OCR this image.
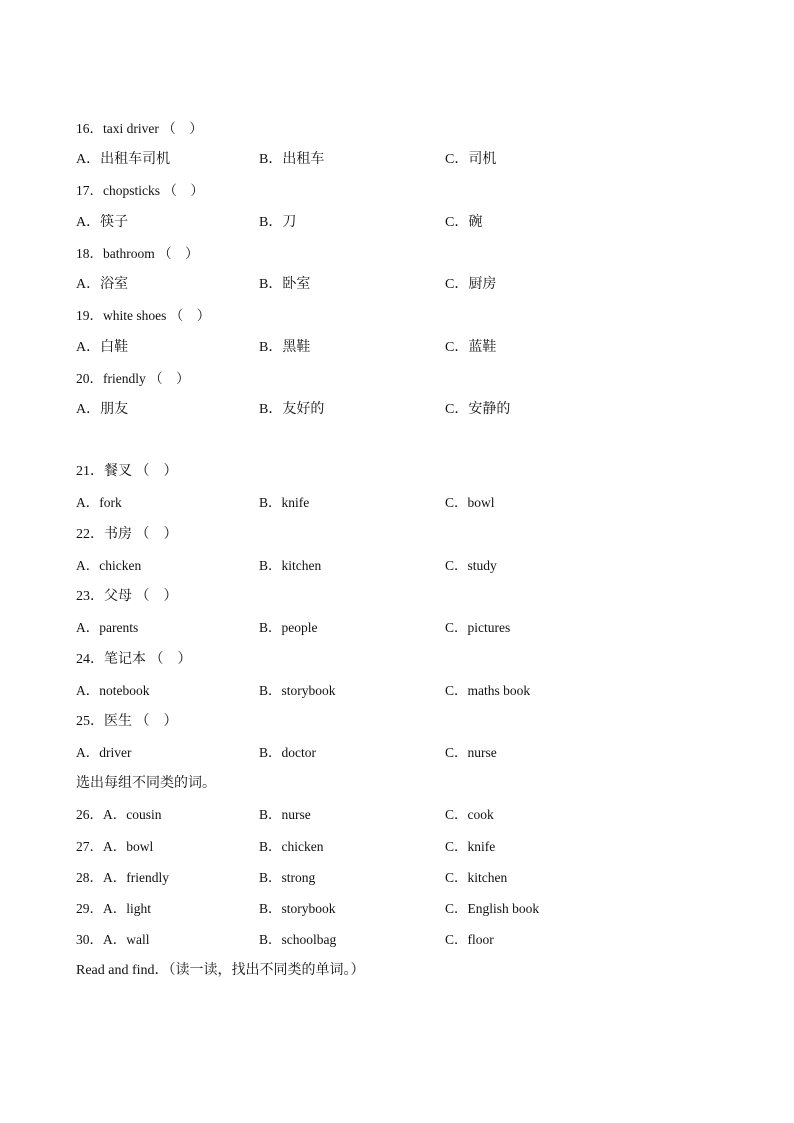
16．taxi driver （　）
A．出租车司机	B．出租车	C．司机
17．chopsticks （　）
A．筷子	B．刀	C．碗
18．bathroom （　）
A．浴室	B．卧室	C．厨房
19．white shoes （　）
A．白鞋	B．黑鞋	C．蓝鞋
20．friendly （　）
A．朋友	B．友好的	C．安静的
21．餐叉 （　）
A．fork	B．knife	C．bowl
22．书房 （　）
A．chicken	B．kitchen	C．study
23．父母 （　）
A．parents	B．people	C．pictures
24．笔记本 （　）
A．notebook	B．storybook	C．maths book
25．医生 （　）
A．driver	B．doctor	C．nurse
选出每组不同类的词。
26．A．cousin	B．nurse	C．cook
27．A．bowl	B．chicken	C．knife
28．A．friendly	B．strong	C．kitchen
29．A．light	B．storybook	C．English book
30．A．wall	B．schoolbag	C．floor
Read and find．（读一读，找出不同类的单词。）
